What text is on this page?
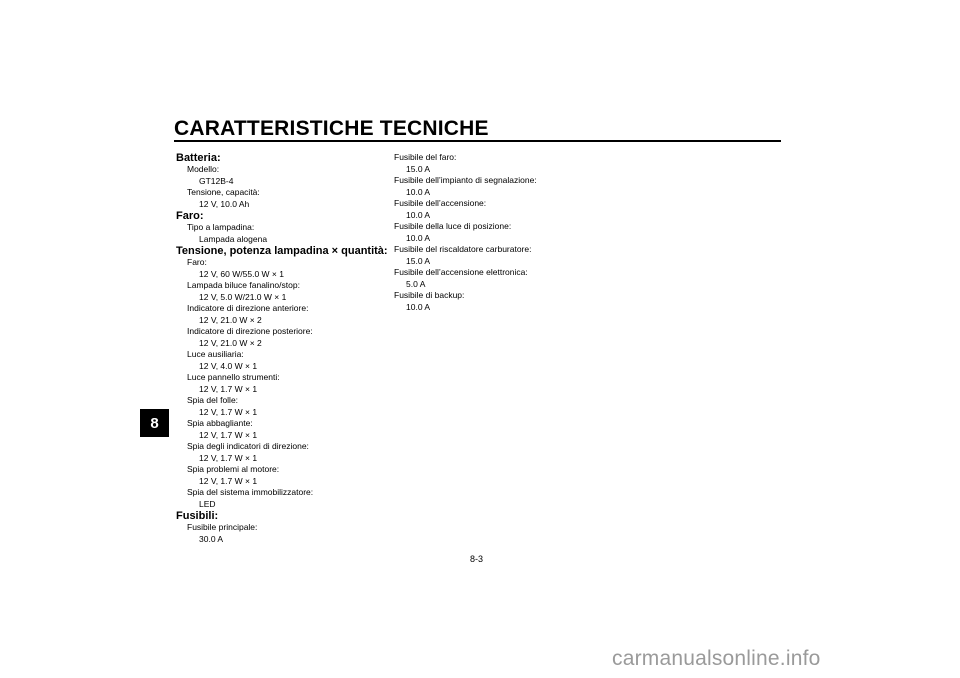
CARATTERISTICHE TECNICHE
8
Batteria:
Modello:
GT12B-4
Tensione, capacità:
12 V, 10.0 Ah
Faro:
Tipo a lampadina:
Lampada alogena
Tensione, potenza lampadina × quantità:
Faro:
12 V, 60 W/55.0 W × 1
Lampada biluce fanalino/stop:
12 V, 5.0 W/21.0 W × 1
Indicatore di direzione anteriore:
12 V, 21.0 W × 2
Indicatore di direzione posteriore:
12 V, 21.0 W × 2
Luce ausiliaria:
12 V, 4.0 W × 1
Luce pannello strumenti:
12 V, 1.7 W × 1
Spia del folle:
12 V, 1.7 W × 1
Spia abbagliante:
12 V, 1.7 W × 1
Spia degli indicatori di direzione:
12 V, 1.7 W × 1
Spia problemi al motore:
12 V, 1.7 W × 1
Spia del sistema immobilizzatore:
LED
Fusibili:
Fusibile principale:
30.0 A
Fusibile del faro:
15.0 A
Fusibile dell’impianto di segnalazione:
10.0 A
Fusibile dell’accensione:
10.0 A
Fusibile della luce di posizione:
10.0 A
Fusibile del riscaldatore carburatore:
15.0 A
Fusibile dell’accensione elettronica:
5.0 A
Fusibile di backup:
10.0 A
8-3
carmanualsonline.info
